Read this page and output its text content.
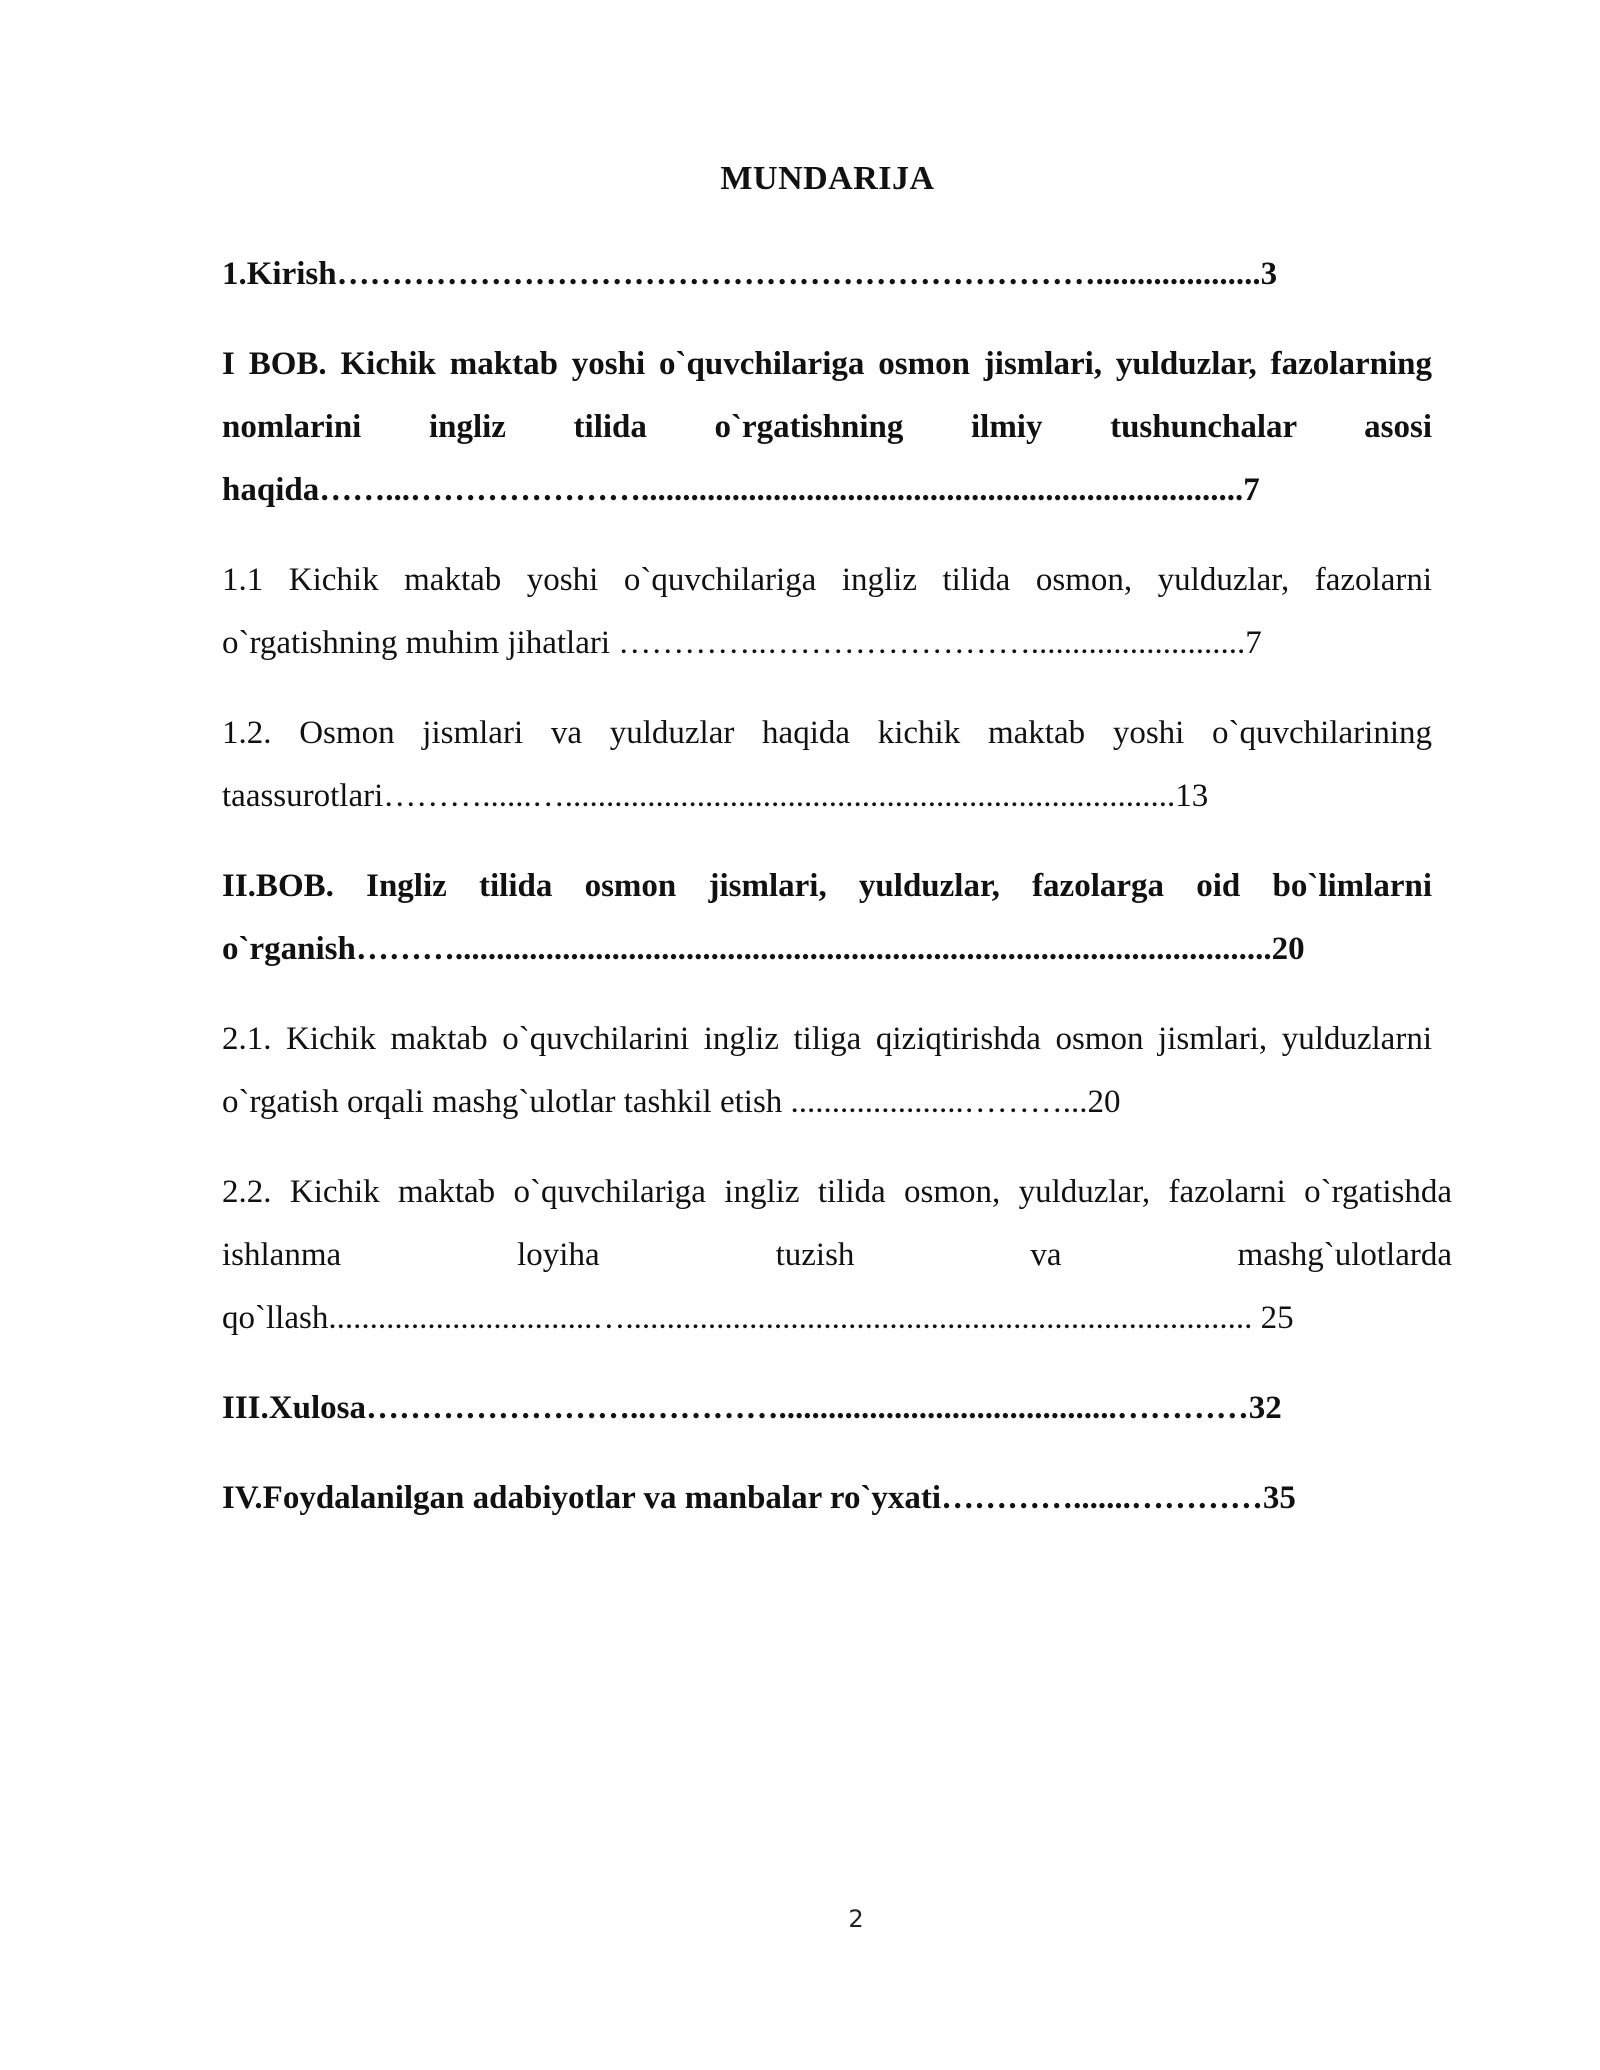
MUNDARIJA

1.Kirish……………………………………………………………....................3

I BOB. Kichik maktab yoshi o`quvchilariga osmon jismlari, yulduzlar, fazolarning nomlarini ingliz tilida o`rgatishning ilmiy tushunchalar asosi haqida……...………………….........................................................................7

1.1 Kichik maktab yoshi o`quvchilariga ingliz tilida osmon, yulduzlar, fazolarni o`rgatishning muhim jihatlari …………..……………………..........................7

1.2. Osmon jismlari va yulduzlar haqida kichik maktab yoshi o`quvchilarining taassurotlari………......…..........................................................................13

II.BOB. Ingliz tilida osmon jismlari, yulduzlar, fazolarga oid bo`limlarni o`rganish………...................................................................................................20

2.1. Kichik maktab o`quvchilarini ingliz tiliga qiziqtirishda osmon jismlari, yulduzlarni o`rgatish orqali mashg`ulotlar tashkil etish .....................………...20

2.2. Kichik maktab o`quvchilariga ingliz tilida osmon, yulduzlar, fazolarni o`rgatishda ishlanma loyiha tuzish va mashg`ulotlarda qo`llash................................…............................................................................ 25

III.Xulosa……………………..………….........................................…………32

IV.Foydalanilgan adabiyotlar va manbalar ro`yxati………….......…………35

2
